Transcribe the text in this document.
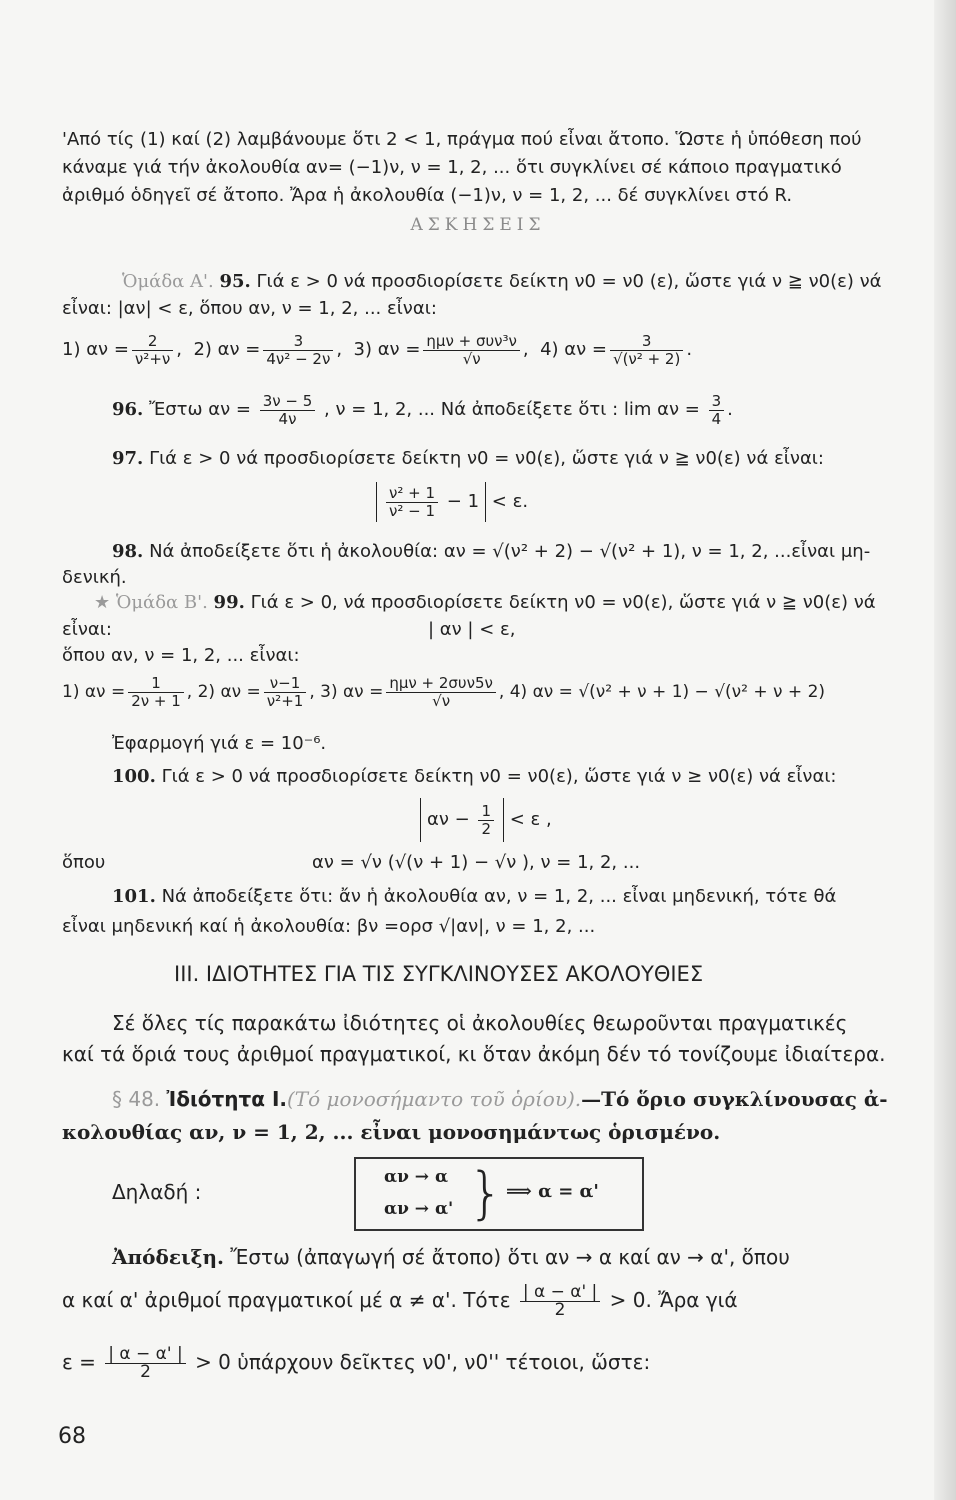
'Από τίς (1) καί (2) λαμβάνουμε ὅτι 2 < 1, πράγμα πού εἶναι ἄτοπο. Ὥστε ἡ ὑπόθεση πού
κάναμε γιά τήν ἀκολουθία αν= (−1)ν, ν = 1, 2, ... ὅτι συγκλίνει σέ κάποιο πραγματικό
ἀριθμό ὁδηγεῖ σέ ἄτοπο. Ἄρα ἡ ἀκολουθία (−1)ν, ν = 1, 2, ... δέ συγκλίνει στό R.
ΑΣΚΗΣΕΙΣ
Ὁμάδα Α'. 95. Γιά ε > 0 νά προσδιορίσετε δείκτη ν0 = ν0 (ε), ὥστε γιά ν ≧ ν0(ε) νά
εἶναι: |αν| < ε, ὅπου αν, ν = 1, 2, ... εἶναι:
1) $\alpha\nu = \frac{2}{\text{ν²+ν}}$ ,  2) $\alpha\nu = \frac{3}{\text{4ν² − 2ν}}$ ,  3) αν = ημν + συν³ν
√ν	,  4) $\alpha\nu = \frac{3}{\text{√(ν² + 2)}}$ .
96. Ἔστω $\alpha\nu = \frac{3\nu - 5}{4\nu}$ , ν = 1, 2, ... Νά ἀποδείξετε ὅτι : $\lim \alpha\nu = \frac{3}{4}$ .
97. Γιά ε > 0 νά προσδιορίσετε δείκτη ν0 = ν0(ε), ὥστε γιά ν ≧ ν0(ε) νά εἶναι:
$\frac{\text{ν² + 1}}{\text{ν² − 1}} - 1 < \varepsilon$.
98. Νά ἀποδείξετε ὅτι ἡ ἀκολουθία: αν = √(ν² + 2) − √(ν² + 1), ν = 1, 2, ...εἶναι μη-
δενική.
★ Ὁμάδα Β'. 99. Γιά ε > 0, νά προσδιορίσετε δείκτη ν0 = ν0(ε), ὥστε γιά ν ≧ ν0(ε) νά
εἶναι:	| αν | < ε,
ὅπου αν, ν = 1, 2, ... εἶναι:
1) $\alpha\nu = \frac{1}{2\nu + 1}$ , 2) $\alpha\nu = \frac{\nu-1}{\text{ν²+1}}$ , 3) αν = ημν + 2συν5ν
√ν	, 4) αν = √(ν² + ν + 1) − √(ν² + ν + 2)
Ἐφαρμογή γιά ε = 10⁻⁶.
100. Γιά ε > 0 νά προσδιορίσετε δείκτη ν0 = ν0(ε), ὥστε γιά ν ≥ ν0(ε) νά εἶναι:
$\alpha\nu - \frac{1}{2} < \varepsilon$ ,
ὅπου	αν = √ν (√(ν + 1) − √ν ), ν = 1, 2, ...
101. Νά ἀποδείξετε ὅτι: ἄν ἡ ἀκολουθία αν, ν = 1, 2, ... εἶναι μηδενική, τότε θά
εἶναι μηδενική καί ἡ ἀκολουθία: βν =ορσ √|αν|, ν = 1, 2, ...
ΙΙΙ. ΙΔΙΟΤΗΤΕΣ ΓΙΑ ΤΙΣ ΣΥΓΚΛΙΝΟΥΣΕΣ ΑΚΟΛΟΥΘΙΕΣ
Σέ ὅλες τίς παρακάτω ἰδιότητες οἱ ἀκολουθίες θεωροῦνται πραγματικές
καί τά ὅριά τους ἀριθμοί πραγματικοί, κι ὅταν ἀκόμη δέν τό τονίζουμε ἰδιαίτερα.
§ 48. Ἰδιότητα Ι.(Τό μονοσήμαντο τοῦ ὁρίου).—Τό ὅριο συγκλίνουσας ἀ-
κολουθίας αν, ν = 1, 2, ... εἶναι μονοσημάντως ὁρισμένο.
Δηλαδή :
αν → α
αν → α' } ⟹ α = α'
Ἀπόδειξη. Ἔστω (ἀπαγωγή σέ ἄτοπο) ὅτι αν → α καί αν → α', ὅπου
α καί α' ἀριθμοί πραγματικοί μέ α ≠ α'. Τότε $\frac{| \alpha - \alpha' |}{2} > 0$. Ἄρα γιά
$\varepsilon = \frac{| \alpha - \alpha' |}{2} > 0$ ὑπάρχουν δεῖκτες ν0', ν0'' τέτοιοι, ὥστε:
68
